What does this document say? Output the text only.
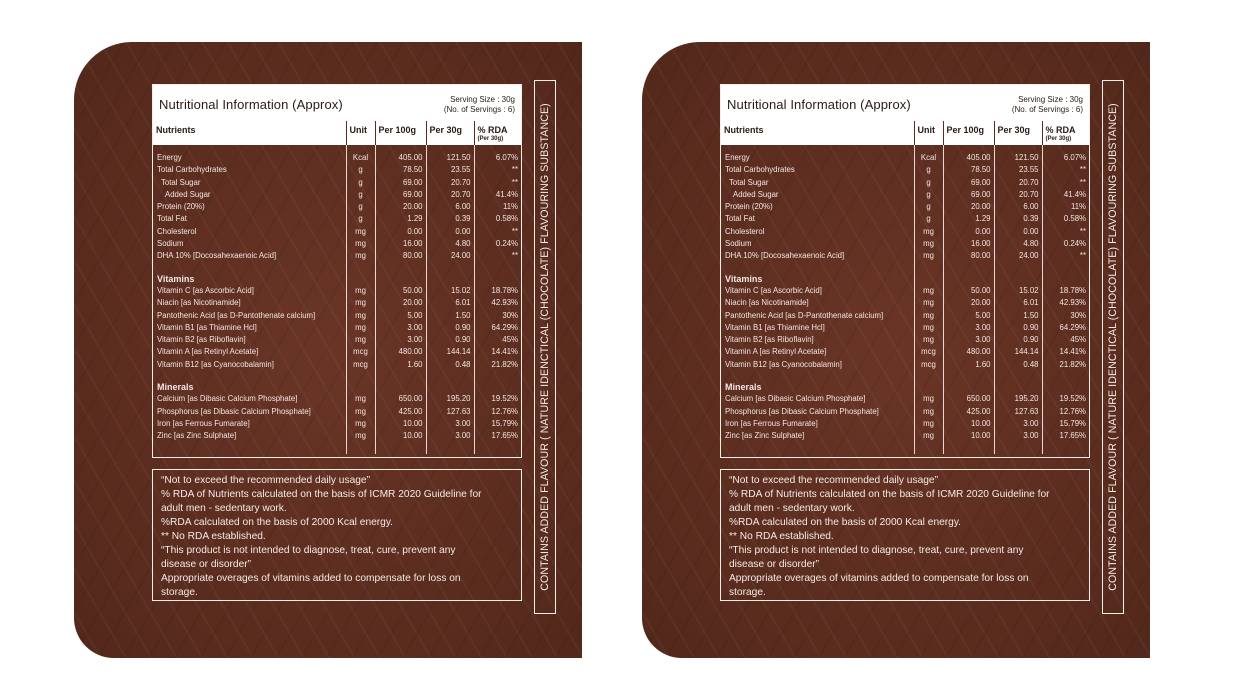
Nutritional Information (Approx)	Serving Size : 30g
(No. of Servings : 6)
Nutrients	Unit	Per 100g	Per 30g	% RDA
(Per 30g)

Energy	Kcal	405.00	121.50	6.07%
Total Carbohydrates	g	78.50	23.55	**
Total Sugar	g	69.00	20.70	**
Added Sugar	g	69.00	20.70	41.4%
Protein (20%)	g	20.00	6.00	11%
Total Fat	g	1.29	0.39	0.58%
Cholesterol	mg	0.00	0.00	**
Sodium	mg	16.00	4.80	0.24%
DHA 10% [Docosahexaenoic Acid]	mg	80.00	24.00	**

Vitamins				
Vitamin C [as Ascorbic Acid]	mg	50.00	15.02	18.78%
Niacin [as Nicotinamide]	mg	20.00	6.01	42.93%
Pantothenic Acid [as D-Pantothenate calcium]	mg	5.00	1.50	30%
Vitamin B1 [as Thiamine Hcl]	mg	3.00	0.90	64.29%
Vitamin B2 [as Riboflavin]	mg	3.00	0.90	45%
Vitamin A [as Retinyl Acetate]	mcg	480.00	144.14	14.41%
Vitamin B12 [as Cyanocobalamin]	mcg	1.60	0.48	21.82%

Minerals				
Calcium [as Dibasic Calcium Phosphate]	mg	650.00	195.20	19.52%
Phosphorus [as Dibasic Calcium Phosphate]	mg	425.00	127.63	12.76%
Iron [as Ferrous Fumarate]	mg	10.00	3.00	15.79%
Zinc [as Zinc Sulphate]	mg	10.00	3.00	17.65%

“Not to exceed the recommended daily usage”

% RDA of Nutrients calculated on the basis of ICMR 2020 Guideline for

adult men - sedentary work.

%RDA calculated on the basis of 2000 Kcal energy.

** No RDA established.

“This product is not intended to diagnose, treat, cure, prevent any

disease or disorder”

Appropriate overages of vitamins added to compensate for loss on

storage.

CONTAINS ADDED FLAVOUR ( NATURE IDENCTICAL (CHOCOLATE) FLAVOURING SUBSTANCE)	Nutritional Information (Approx)	Serving Size : 30g
(No. of Servings : 6)
Nutrients	Unit	Per 100g	Per 30g	% RDA
(Per 30g)

Energy	Kcal	405.00	121.50	6.07%
Total Carbohydrates	g	78.50	23.55	**
Total Sugar	g	69.00	20.70	**
Added Sugar	g	69.00	20.70	41.4%
Protein (20%)	g	20.00	6.00	11%
Total Fat	g	1.29	0.39	0.58%
Cholesterol	mg	0.00	0.00	**
Sodium	mg	16.00	4.80	0.24%
DHA 10% [Docosahexaenoic Acid]	mg	80.00	24.00	**

Vitamins				
Vitamin C [as Ascorbic Acid]	mg	50.00	15.02	18.78%
Niacin [as Nicotinamide]	mg	20.00	6.01	42.93%
Pantothenic Acid [as D-Pantothenate calcium]	mg	5.00	1.50	30%
Vitamin B1 [as Thiamine Hcl]	mg	3.00	0.90	64.29%
Vitamin B2 [as Riboflavin]	mg	3.00	0.90	45%
Vitamin A [as Retinyl Acetate]	mcg	480.00	144.14	14.41%
Vitamin B12 [as Cyanocobalamin]	mcg	1.60	0.48	21.82%

Minerals				
Calcium [as Dibasic Calcium Phosphate]	mg	650.00	195.20	19.52%
Phosphorus [as Dibasic Calcium Phosphate]	mg	425.00	127.63	12.76%
Iron [as Ferrous Fumarate]	mg	10.00	3.00	15.79%
Zinc [as Zinc Sulphate]	mg	10.00	3.00	17.65%

“Not to exceed the recommended daily usage”

% RDA of Nutrients calculated on the basis of ICMR 2020 Guideline for

adult men - sedentary work.

%RDA calculated on the basis of 2000 Kcal energy.

** No RDA established.

“This product is not intended to diagnose, treat, cure, prevent any

disease or disorder”

Appropriate overages of vitamins added to compensate for loss on

storage.

CONTAINS ADDED FLAVOUR ( NATURE IDENCTICAL (CHOCOLATE) FLAVOURING SUBSTANCE)
